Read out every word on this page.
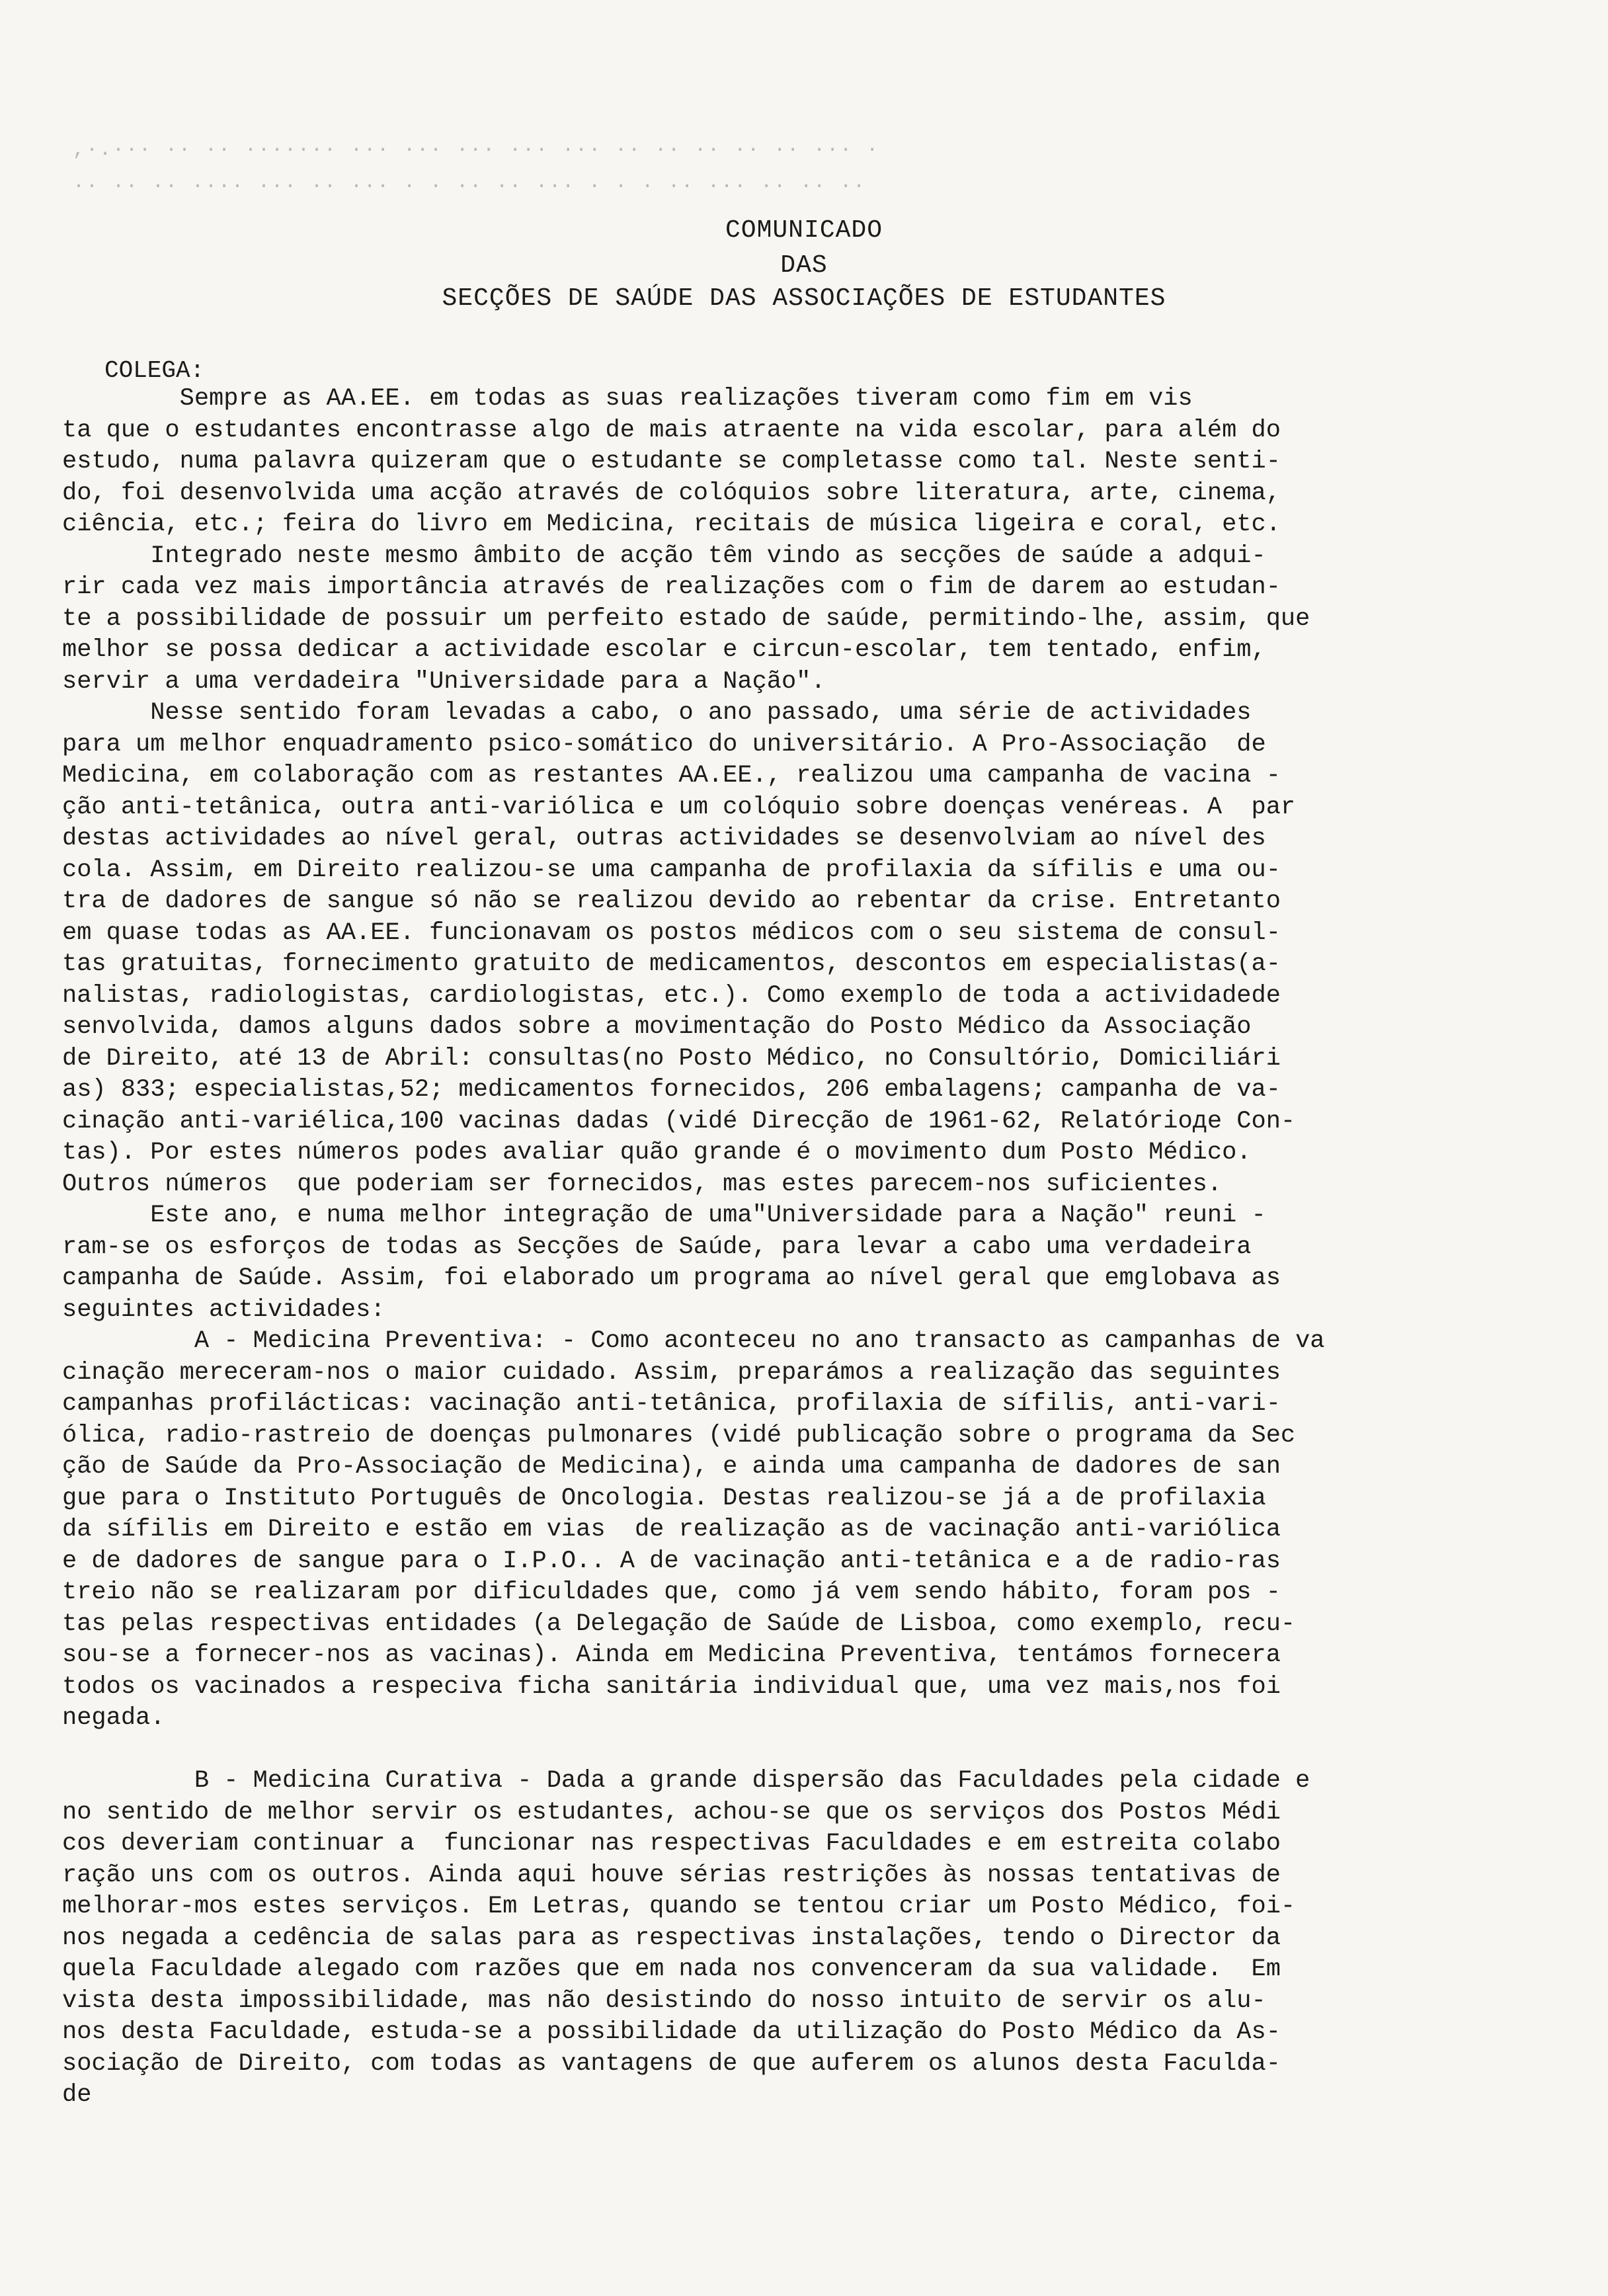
,·.··· ·· ·· ······· ··· ··· ··· ··· ··· ·· ·· ·· ·· ·· ··· ·
·· ·· ·· ···· ··· ·· ··· · · ·· ·· ··· · · · ·· ··· ·· ·· ··
COMUNICADO
DAS
SECÇÕES DE SAÚDE DAS ASSOCIAÇÕES DE ESTUDANTES
COLEGA:
Sempre as AA.EE. em todas as suas realizações tiveram como fim em vis
ta que o estudantes encontrasse algo de mais atraente na vida escolar, para além do
estudo, numa palavra quizeram que o estudante se completasse como tal. Neste senti-
do, foi desenvolvida uma acção através de colóquios sobre literatura, arte, cinema,
ciência, etc.; feira do livro em Medicina, recitais de música ligeira e coral, etc.
Integrado neste mesmo âmbito de acção têm vindo as secções de saúde a adqui-
rir cada vez mais importância através de realizações com o fim de darem ao estudan-
te a possibilidade de possuir um perfeito estado de saúde, permitindo-lhe, assim, que
melhor se possa dedicar a actividade escolar e circun-escolar, tem tentado, enfim,
servir a uma verdadeira "Universidade para a Nação".
Nesse sentido foram levadas a cabo, o ano passado, uma série de actividades
para um melhor enquadramento psico-somático do universitário. A Pro-Associação  de
Medicina, em colaboração com as restantes AA.EE., realizou uma campanha de vacina -
ção anti-tetânica, outra anti-variólica e um colóquio sobre doenças venéreas. A  par
destas actividades ao nível geral, outras actividades se desenvolviam ao nível des
cola. Assim, em Direito realizou-se uma campanha de profilaxia da sífilis e uma ou-
tra de dadores de sangue só não se realizou devido ao rebentar da crise. Entretanto
em quase todas as AA.EE. funcionavam os postos médicos com o seu sistema de consul-
tas gratuitas, fornecimento gratuito de medicamentos, descontos em especialistas(a-
nalistas, radiologistas, cardiologistas, etc.). Como exemplo de toda a actividadede
senvolvida, damos alguns dados sobre a movimentação do Posto Médico da Associação
de Direito, até 13 de Abril: consultas(no Posto Médico, no Consultório, Domiciliári
as) 833; especialistas,52; medicamentos fornecidos, 206 embalagens; campanha de va-
cinação anti-variélica,100 vacinas dadas (vidé Direcção de 1961-62, Relatórioде Con-
tas). Por estes números podes avaliar quão grande é o movimento dum Posto Médico.
Outros números  que poderiam ser fornecidos, mas estes parecem-nos suficientes.
Este ano, e numa melhor integração de uma"Universidade para a Nação" reuni -
ram-se os esforços de todas as Secções de Saúde, para levar a cabo uma verdadeira
campanha de Saúde. Assim, foi elaborado um programa ao nível geral que emglobava as
seguintes actividades:
A - Medicina Preventiva: - Como aconteceu no ano transacto as campanhas de va
cinação mereceram-nos o maior cuidado. Assim, preparámos a realização das seguintes
campanhas profilácticas: vacinação anti-tetânica, profilaxia de sífilis, anti-vari-
ólica, radio-rastreio de doenças pulmonares (vidé publicação sobre o programa da Sec
ção de Saúde da Pro-Associação de Medicina), e ainda uma campanha de dadores de san
gue para o Instituto Português de Oncologia. Destas realizou-se já a de profilaxia
da sífilis em Direito e estão em vias  de realização as de vacinação anti-variólica
e de dadores de sangue para o I.P.O.. A de vacinação anti-tetânica e a de radio-ras
treio não se realizaram por dificuldades que, como já vem sendo hábito, foram pos -
tas pelas respectivas entidades (a Delegação de Saúde de Lisboa, como exemplo, recu-
sou-se a fornecer-nos as vacinas). Ainda em Medicina Preventiva, tentámos fornecera
todos os vacinados a respeciva ficha sanitária individual que, uma vez mais,nos foi
negada.
B - Medicina Curativa - Dada a grande dispersão das Faculdades pela cidade e
no sentido de melhor servir os estudantes, achou-se que os serviços dos Postos Médi
cos deveriam continuar a  funcionar nas respectivas Faculdades e em estreita colabo
ração uns com os outros. Ainda aqui houve sérias restrições às nossas tentativas de
melhorar-mos estes serviços. Em Letras, quando se tentou criar um Posto Médico, foi-
nos negada a cedência de salas para as respectivas instalações, tendo o Director da
quela Faculdade alegado com razões que em nada nos convenceram da sua validade.  Em
vista desta impossibilidade, mas não desistindo do nosso intuito de servir os alu-
nos desta Faculdade, estuda-se a possibilidade da utilização do Posto Médico da As-
sociação de Direito, com todas as vantagens de que auferem os alunos desta Faculda-
de
